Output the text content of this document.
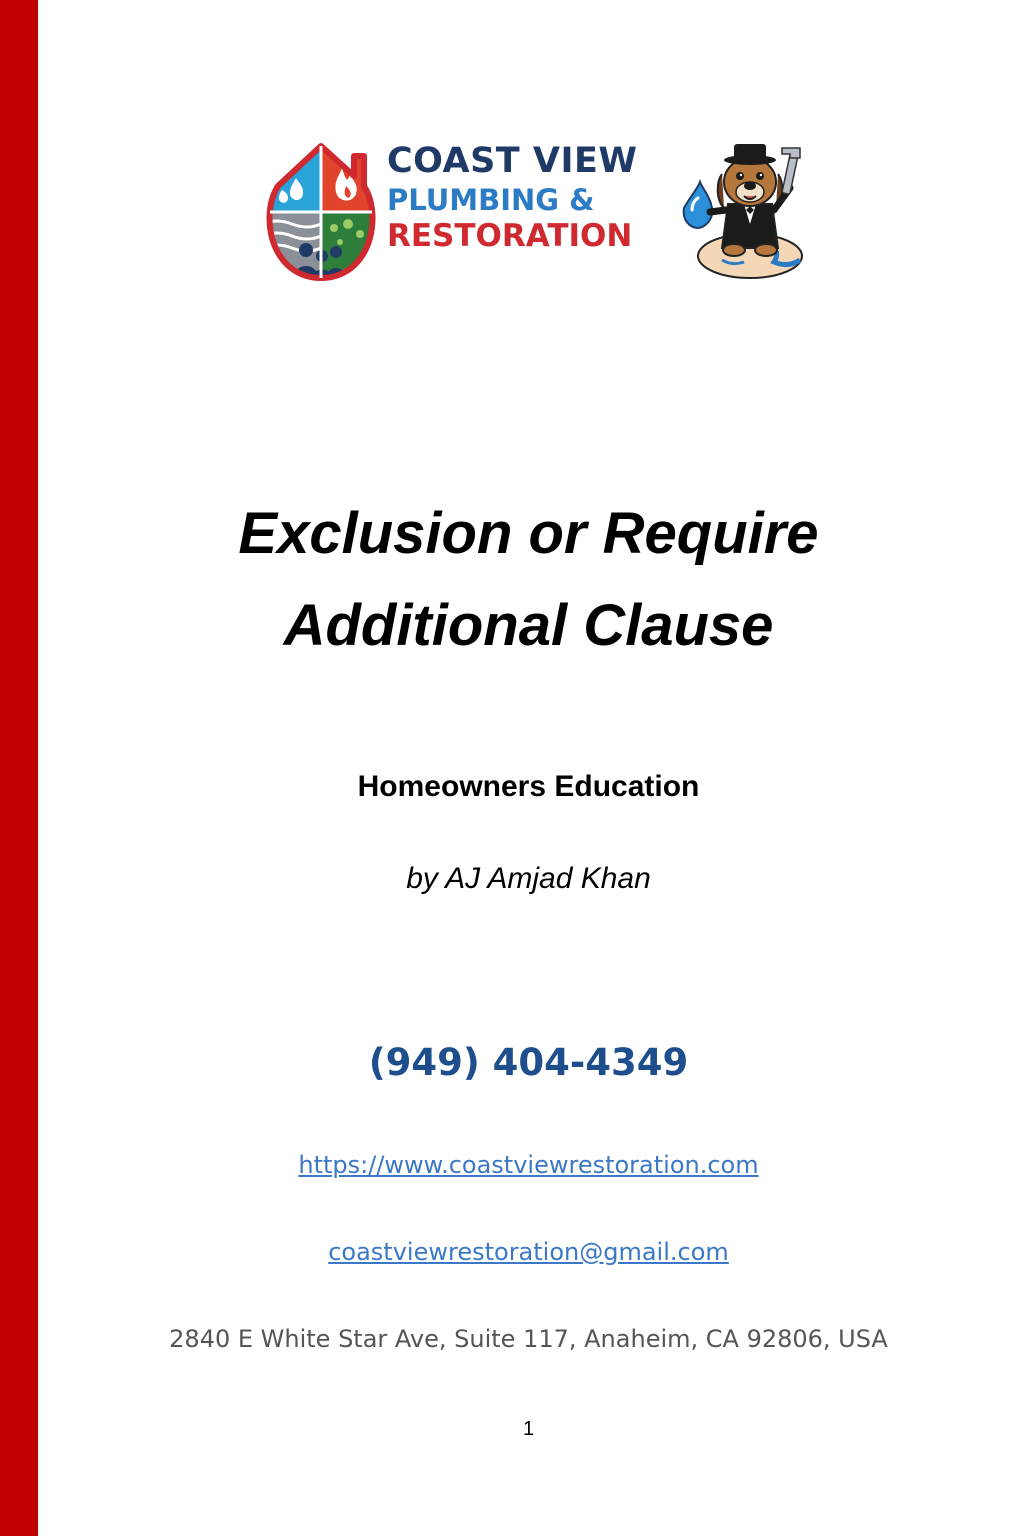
COAST VIEW
PLUMBING &
RESTORATION
Exclusion or Require
Additional Clause
Homeowners Education
by AJ Amjad Khan
(949) 404-4349
https://www.coastviewrestoration.com
coastviewrestoration@gmail.com
2840 E White Star Ave, Suite 117, Anaheim, CA 92806, USA
1
